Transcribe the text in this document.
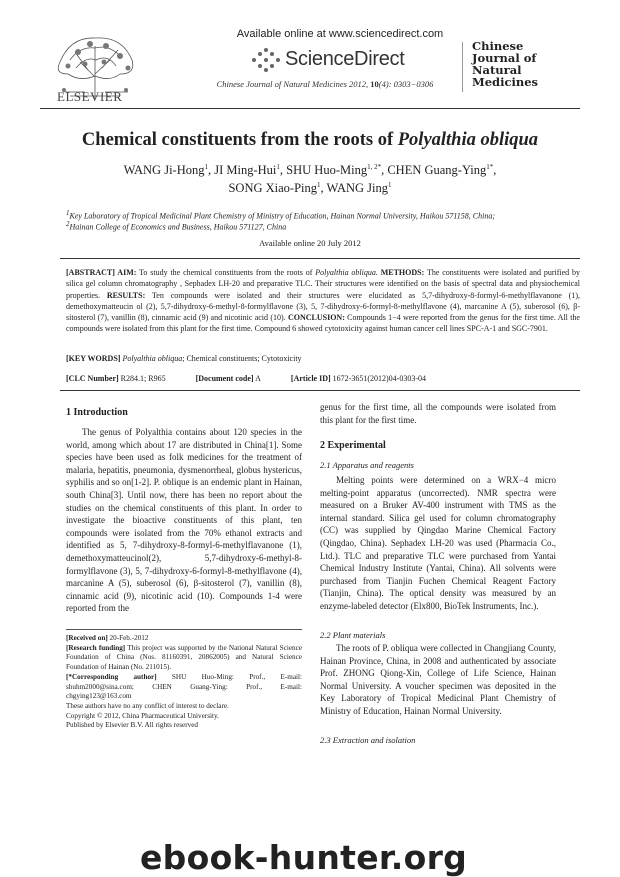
ELSEVIER
Available online at www.sciencedirect.com
ScienceDirect
Chinese Journal of Natural Medicines 2012, 10(4): 0303−0306
Chinese
Journal of
Natural
Medicines
Chemical constituents from the roots of Polyalthia obliqua
WANG Ji-Hong$^1$, JI Ming-Hui$^1$, SHU Huo-Ming$^{1, 2*}$, CHEN Guang-Ying$^{1*}$,
SONG Xiao-Ping$^1$, WANG Jing$^1$
$^1$Key Laboratory of Tropical Medicinal Plant Chemistry of Ministry of Education, Hainan Normal University, Haikou 571158, China;
$^2$Hainan College of Economics and Business, Haikou 571127, China
Available online 20 July 2012
[ABSTRACT] AIM: To study the chemical constituents from the roots of Polyalthia obliqua. METHODS: The constituents were isolated and purified by silica gel column chromatography , Sephadex LH-20 and preparative TLC. Their structures were identified on the basis of spectral data and physiochemical properties. RESULTS: Ten compounds were isolated and their structures were elucidated as 5,7-dihydroxy-8-formyl-6-methylflavanone (1), demethoxymatteucin ol (2), 5,7-dihydroxy-6-methyl-8-formylflavone (3), 5, 7-dihydroxy-6-formyl-8-methylflavone (4), marcanine A (5), suberosol (6), β-sitosterol (7), vanillin (8), cinnamic acid (9) and nicotinic acid (10). CONCLUSION: Compounds 1−4 were reported from the genus for the first time. All the compounds were isolated from this plant for the first time. Compound 6 showed cytotoxicity against human cancer cell lines SPC-A-1 and SGC-7901.
[KEY WORDS] Polyalthia obliqua; Chemical constituents; Cytotoxicity
[CLC Number] R284.1; R965	[Document code] A	[Article ID] 1672-3651(2012)04-0303-04
1 Introduction

The genus of Polyalthia contains about 120 species in the world, among which about 17 are distributed in China[1]. Some species have been used as folk medicines for the treatment of malaria, hepatitis, pneumonia, dysmenorrheal, globus hystericus, syphilis and so on[1-2]. P. oblique is an endemic plant in Hainan, south China[3]. Until now, there has been no report about the studies on the chemical constituents of this plant. In order to investigate the bioactive constituents of this plant, ten compounds were isolated from the 70% ethanol extracts and identified as 5, 7-dihydroxy-8-formyl-6-methylflavanone (1), demethoxymatteucinol(2), 5,7-dihydroxy-6-methyl-8-formylflavone (3), 5, 7-dihydroxy-6-formyl-8-methylflavone (4), marcanine A (5), suberosol (6), β-sitosterol (7), vanillin (8), cinnamic acid (9), nicotinic acid (10). Compounds 1-4 were reported from the

[Received on] 20-Feb.-2012
[Research funding] This project was supported by the National Natural Science Foundation of China (Nos. 81160391, 20862005) and Natural Science Foundation of Hainan (No. 211015).
[*Corresponding author] SHU Huo-Ming: Prof., E-mail: shuhm2000@sina.com; CHEN Guang-Ying: Prof., E-mail: chgying123@163.com
These authors have no any conflict of interest to declare.
Copyright © 2012, China Pharmaceutical University.
Published by Elsevier B.V. All rights reserved
genus for the first time, all the compounds were isolated from this plant for the first time.
2 Experimental
2.1 Apparatus and reagents

Melting points were determined on a WRX−4 micro melting-point apparatus (uncorrected). NMR spectra were measured on a Bruker AV-400 instrument with TMS as the internal standard. Silica gel used for column chromatography (CC) was supplied by Qingdao Marine Chemical Factory (Qingdao, China). Sephadex LH-20 was used (Pharmacia Co., Ltd.). TLC and preparative TLC were purchased from Yantai Chemical Industry Institute (Yantai, China). All solvents were purchased from Tianjin Fuchen Chemical Reagent Factory (Tianjin, China). The optical density was measured by an enzyme-labeled detector (Elx800, BioTek Instruments, Inc.).

2.2 Plant materials

The roots of P. obliqua were collected in Changjiang County, Hainan Province, China, in 2008 and authenticated by associate Prof. ZHONG Qiong-Xin, College of Life Science, Hainan Normal University. A voucher specimen was deposited in the Key Laboratory of Tropical Medicinal Plant Chemistry of Ministry of Education, Hainan Normal University.

2.3 Extraction and isolation
ebook-hunter.org
